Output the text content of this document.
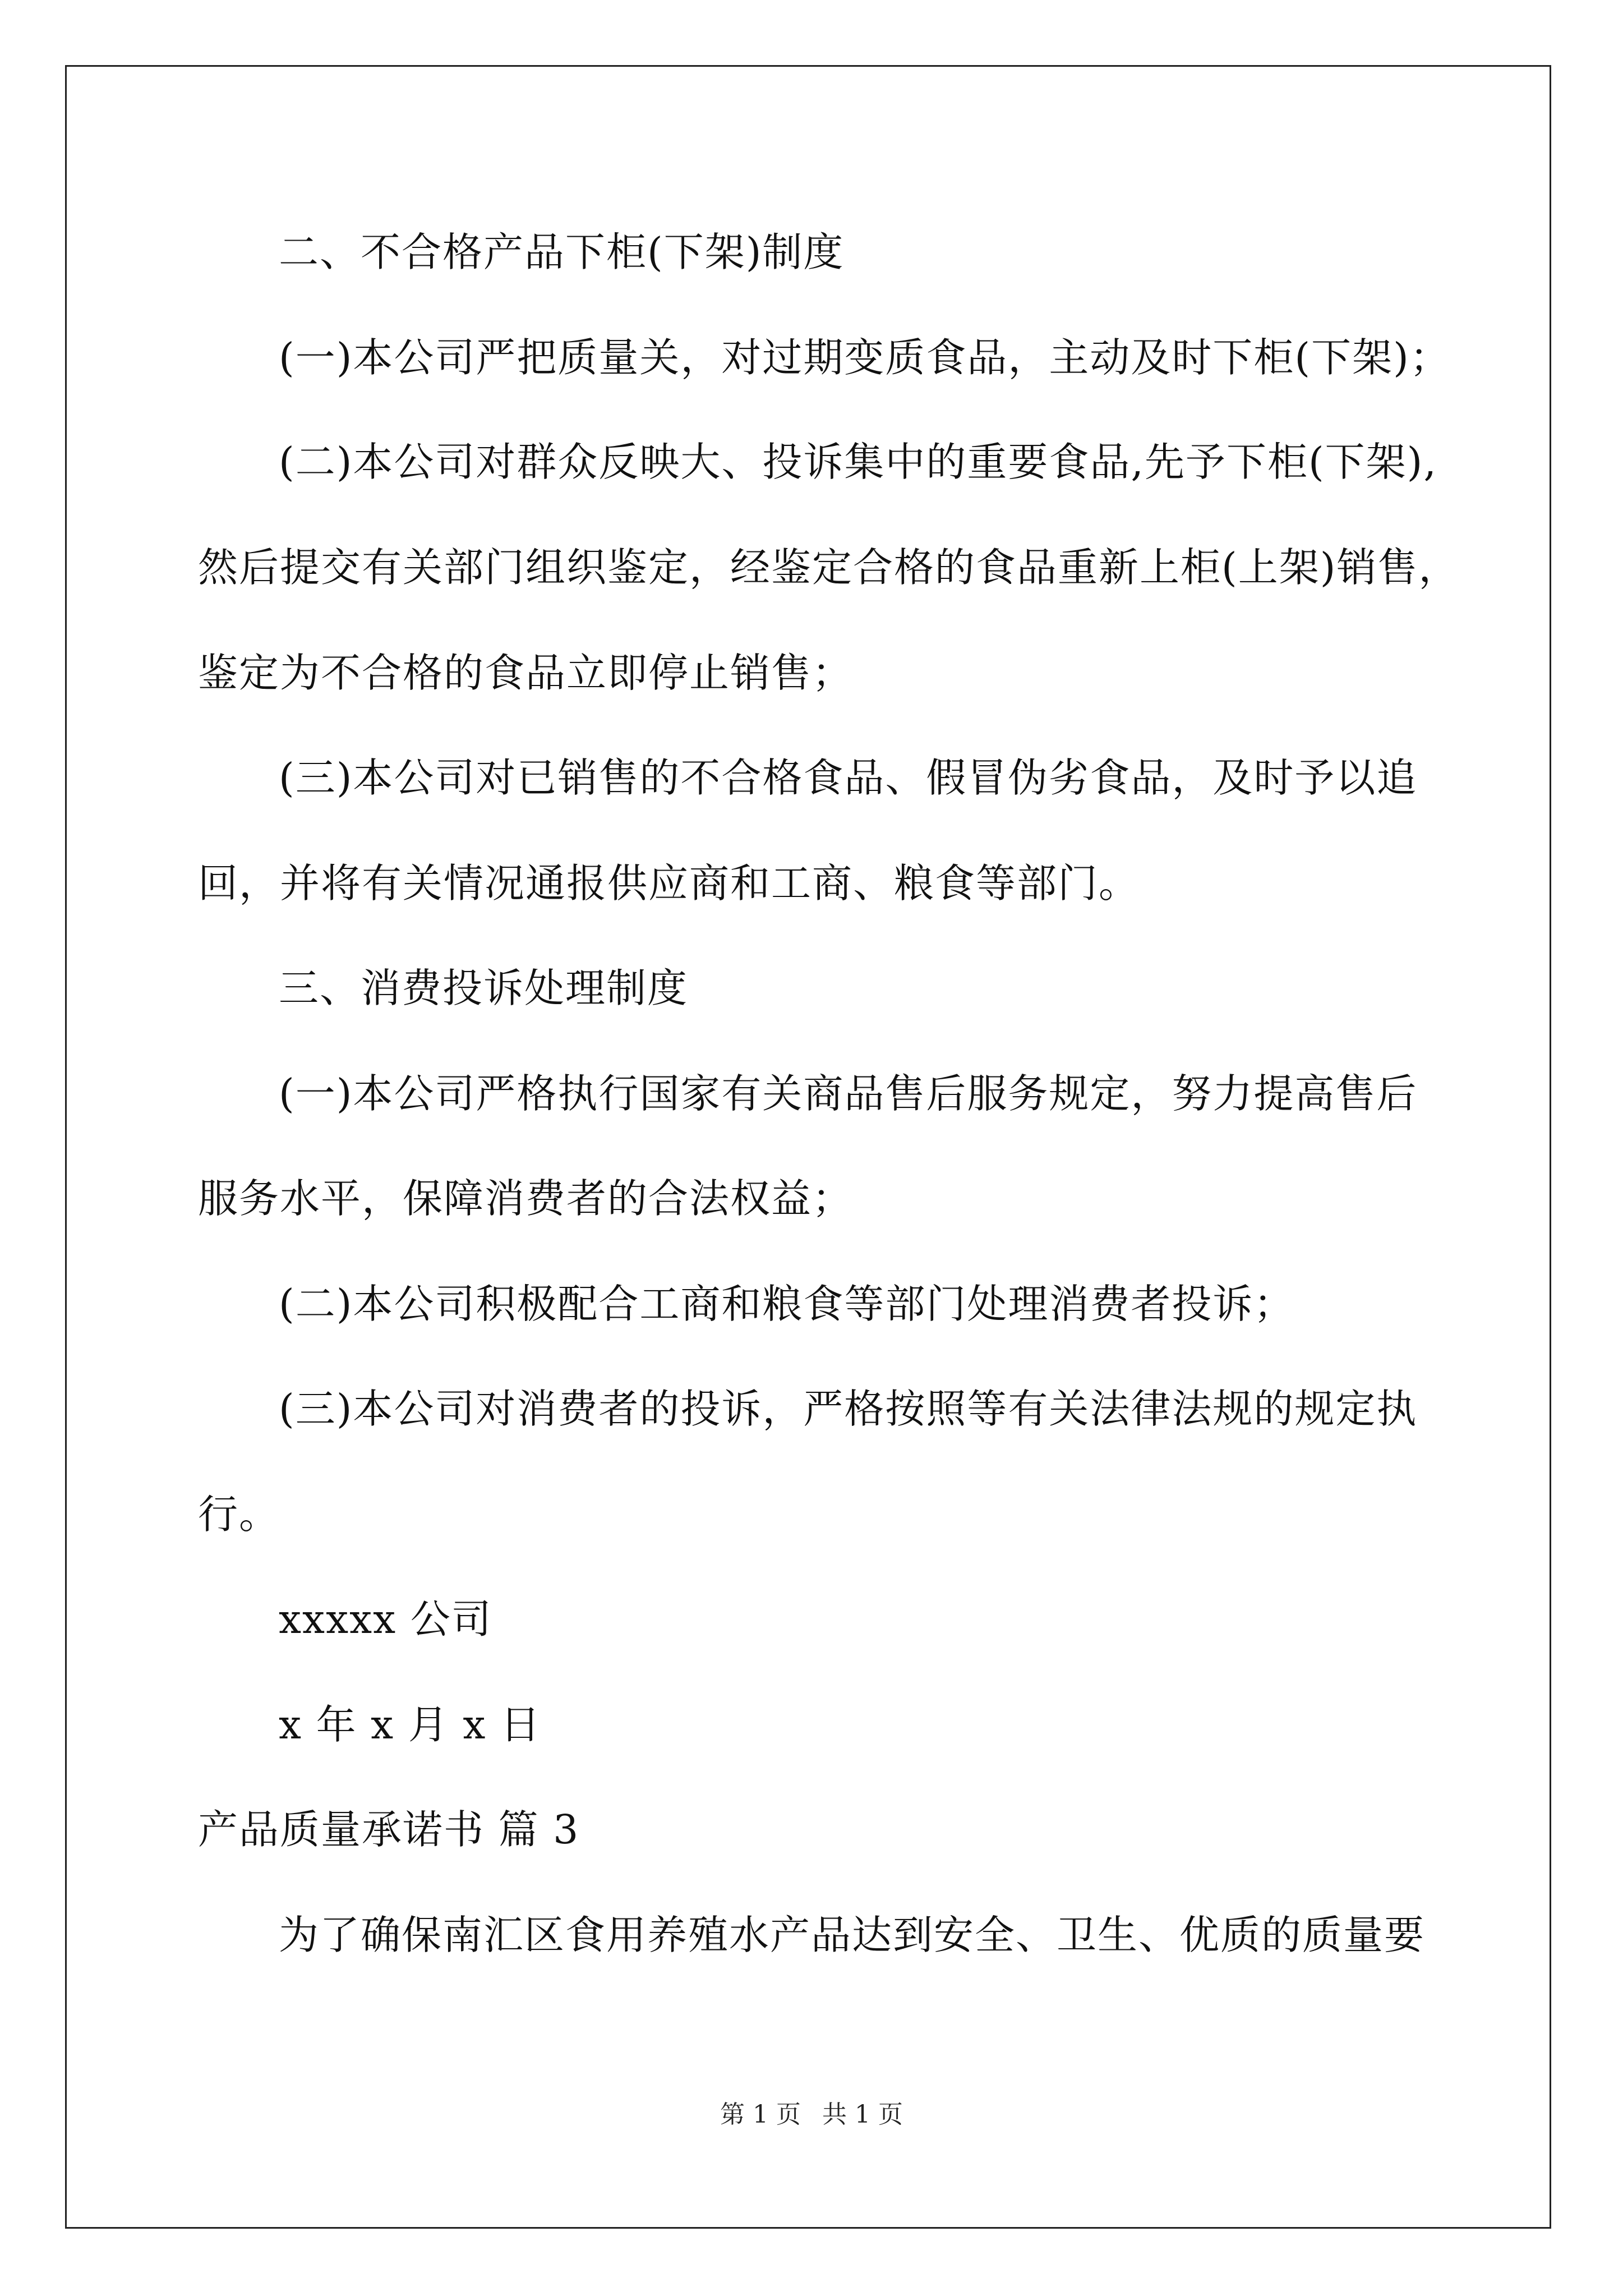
二、不合格产品下柜(下架)制度
(一)本公司严把质量关，对过期变质食品，主动及时下柜(下架)；
(二)本公司对群众反映大、投诉集中的重要食品,先予下柜(下架),
然后提交有关部门组织鉴定，经鉴定合格的食品重新上柜(上架)销售，
鉴定为不合格的食品立即停止销售；
(三)本公司对已销售的不合格食品、假冒伪劣食品，及时予以追
回，并将有关情况通报供应商和工商、粮食等部门。
三、消费投诉处理制度
(一)本公司严格执行国家有关商品售后服务规定，努力提高售后
服务水平，保障消费者的合法权益；
(二)本公司积极配合工商和粮食等部门处理消费者投诉；
(三)本公司对消费者的投诉，严格按照等有关法律法规的规定执
行。
xxxxx 公司
x 年 x 月 x 日
产品质量承诺书 篇 3
为了确保南汇区食用养殖水产品达到安全、卫生、优质的质量要
第 1 页 共 1 页
